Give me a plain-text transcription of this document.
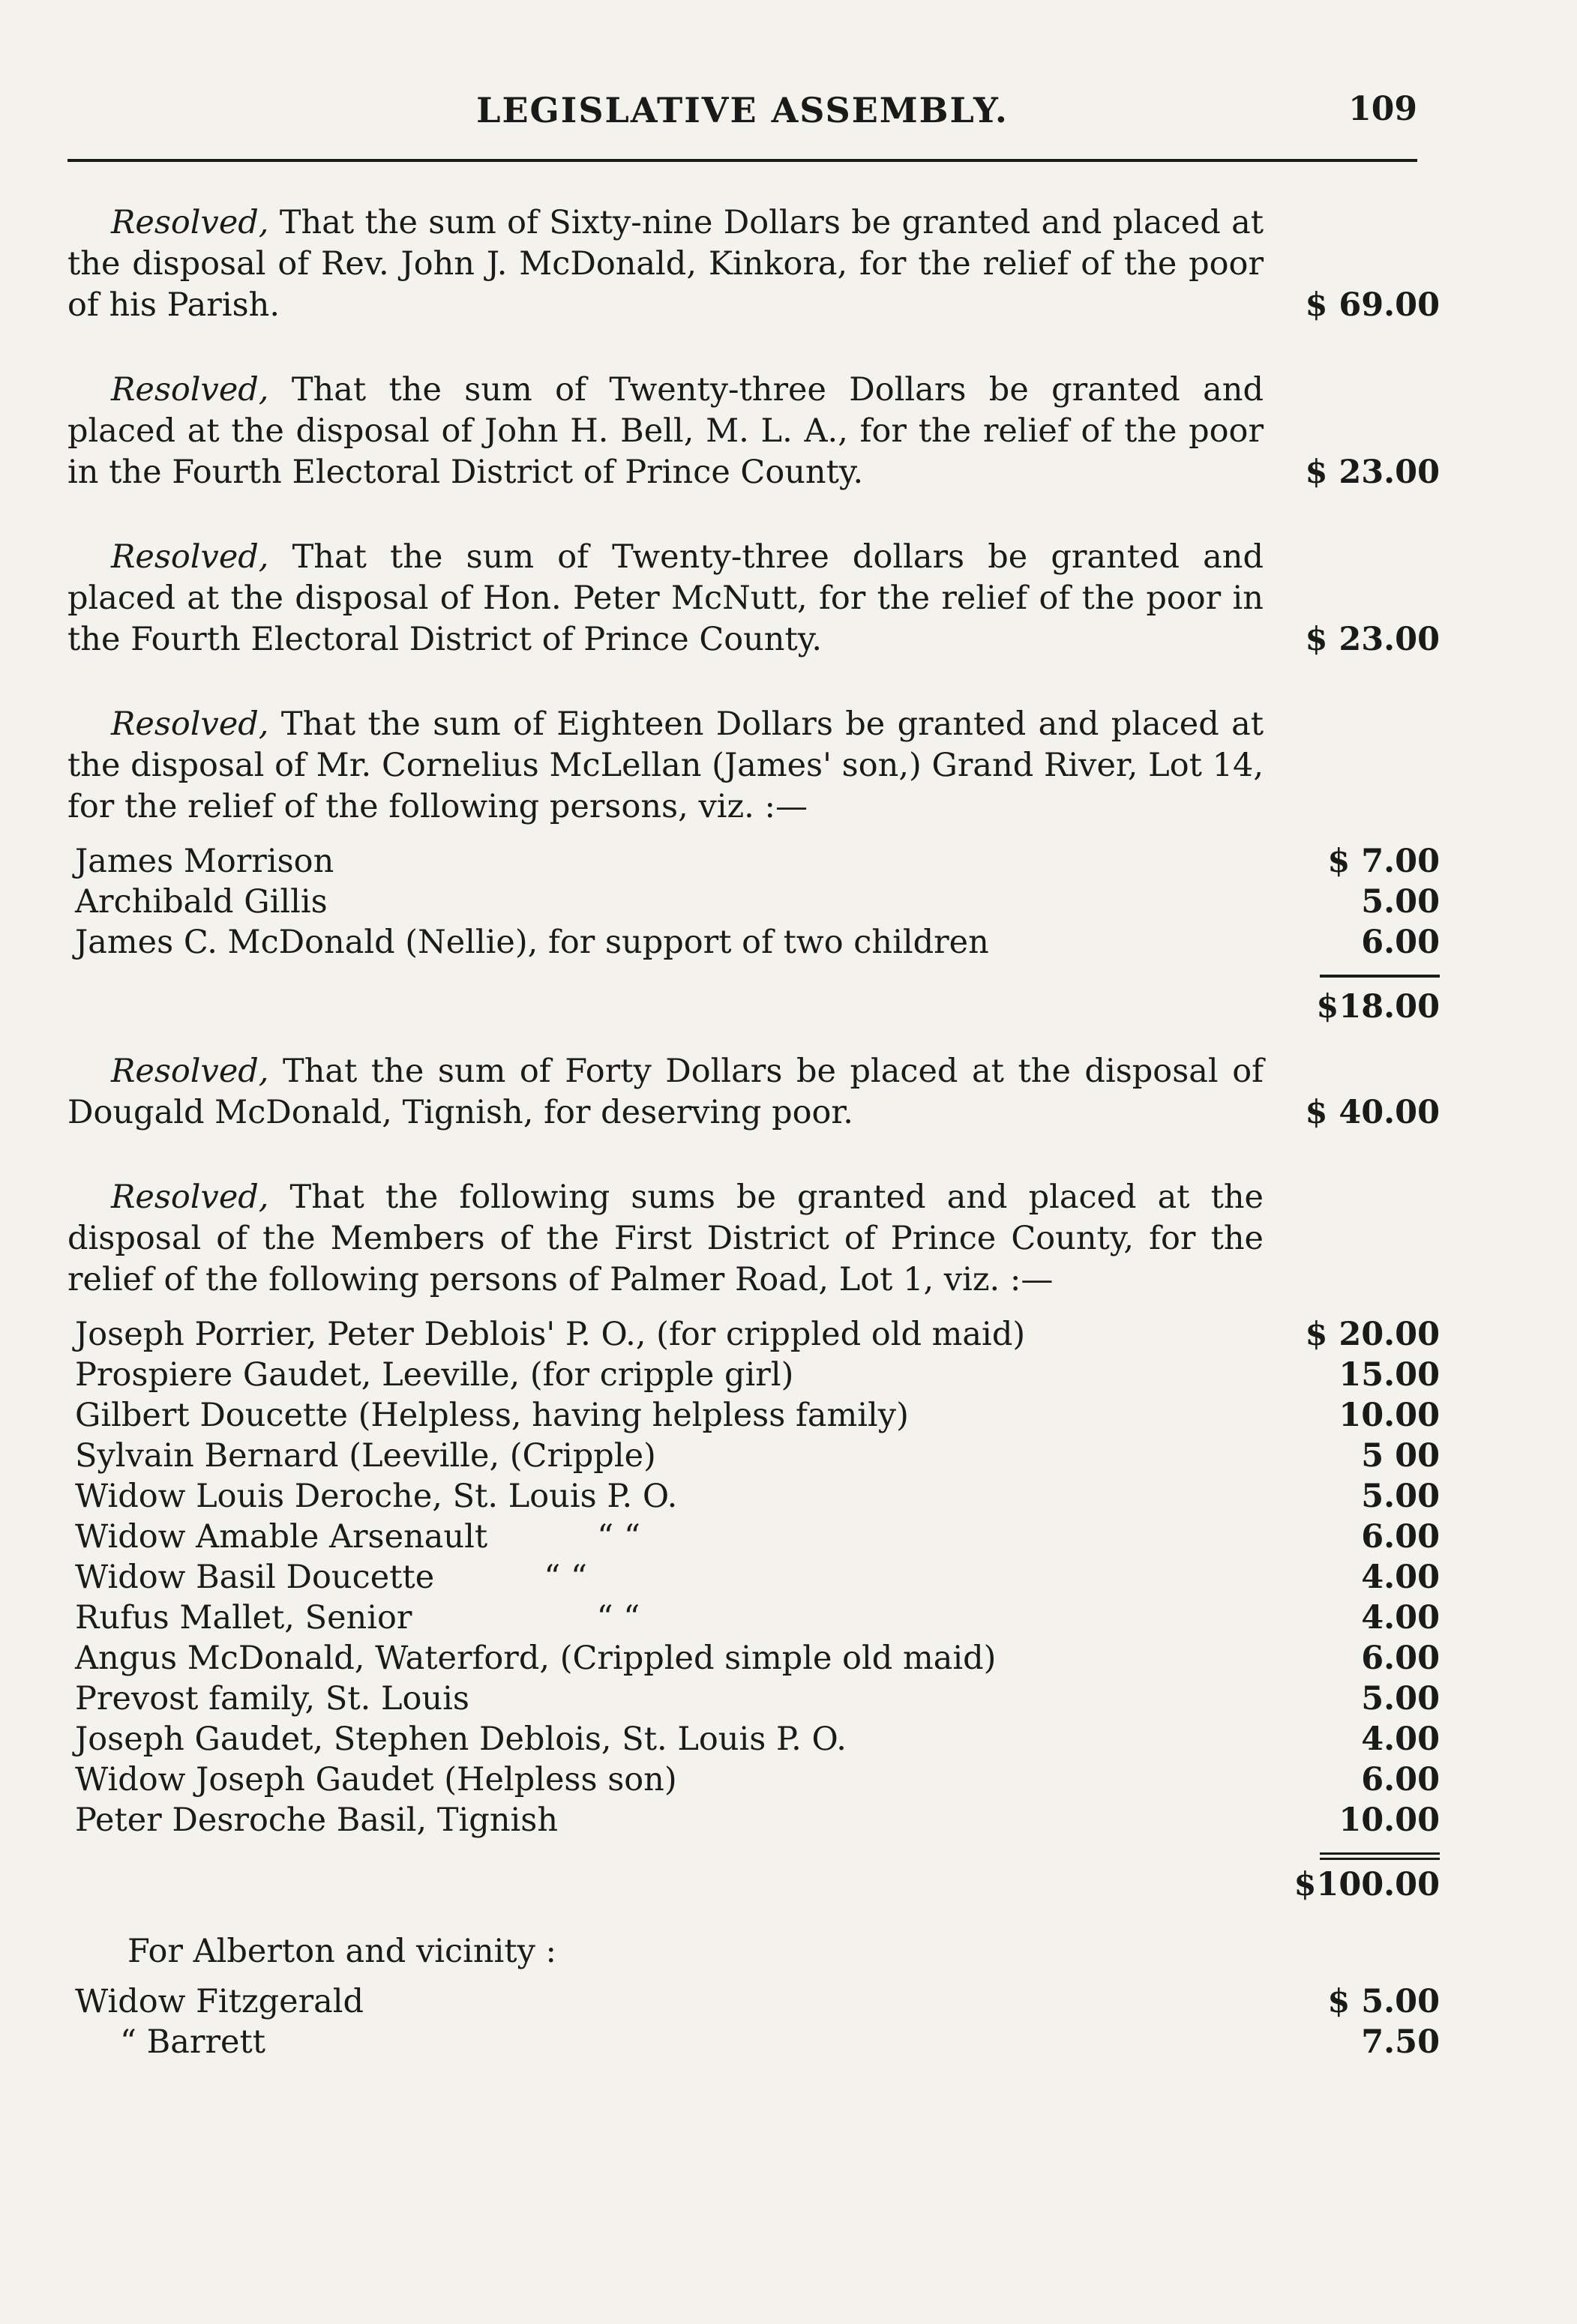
LEGISLATIVE ASSEMBLY.	109
Resolved, That the sum of Sixty-nine Dollars be granted and placed at the disposal of Rev. John J. McDonald, Kinkora, for the relief of the poor of his Parish.	$ 69.00
Resolved, That the sum of Twenty-three Dollars be granted and placed at the disposal of John H. Bell, M. L. A., for the relief of the poor in the Fourth Electoral District of Prince County.	$ 23.00
Resolved, That the sum of Twenty-three dollars be granted and placed at the disposal of Hon. Peter McNutt, for the relief of the poor in the Fourth Electoral District of Prince County.	$ 23.00
Resolved, That the sum of Eighteen Dollars be granted and placed at the disposal of Mr. Cornelius McLellan (James' son,) Grand River, Lot 14, for the relief of the following persons, viz. :—
James Morrison	$ 7.00
Archibald Gillis	5.00
James C. McDonald (Nellie), for support of two children	6.00
$18.00
Resolved, That the sum of Forty Dollars be placed at the disposal of Dougald McDonald, Tignish, for deserving poor.	$ 40.00
Resolved, That the following sums be granted and placed at the disposal of the Members of the First District of Prince County, for the relief of the following persons of Palmer Road, Lot 1, viz. :—
Joseph Porrier, Peter Deblois' P. O., (for crippled old maid)	$ 20.00
Prospiere Gaudet, Leeville, (for cripple girl)	15.00
Gilbert Doucette (Helpless, having helpless family)	10.00
Sylvain Bernard (Leeville, (Cripple)	5 00
Widow Louis Deroche, St. Louis P. O.	5.00
Widow Amable Arsenault	“ “	6.00
Widow Basil Doucette	“ “	4.00
Rufus Mallet, Senior	“ “	4.00
Angus McDonald, Waterford, (Crippled simple old maid)	6.00
Prevost family, St. Louis	5.00
Joseph Gaudet, Stephen Deblois, St. Louis P. O.	4.00
Widow Joseph Gaudet (Helpless son)	6.00
Peter Desroche Basil, Tignish	10.00
$100.00
For Alberton and vicinity :
Widow Fitzgerald	$ 5.00
“ Barrett	7.50
